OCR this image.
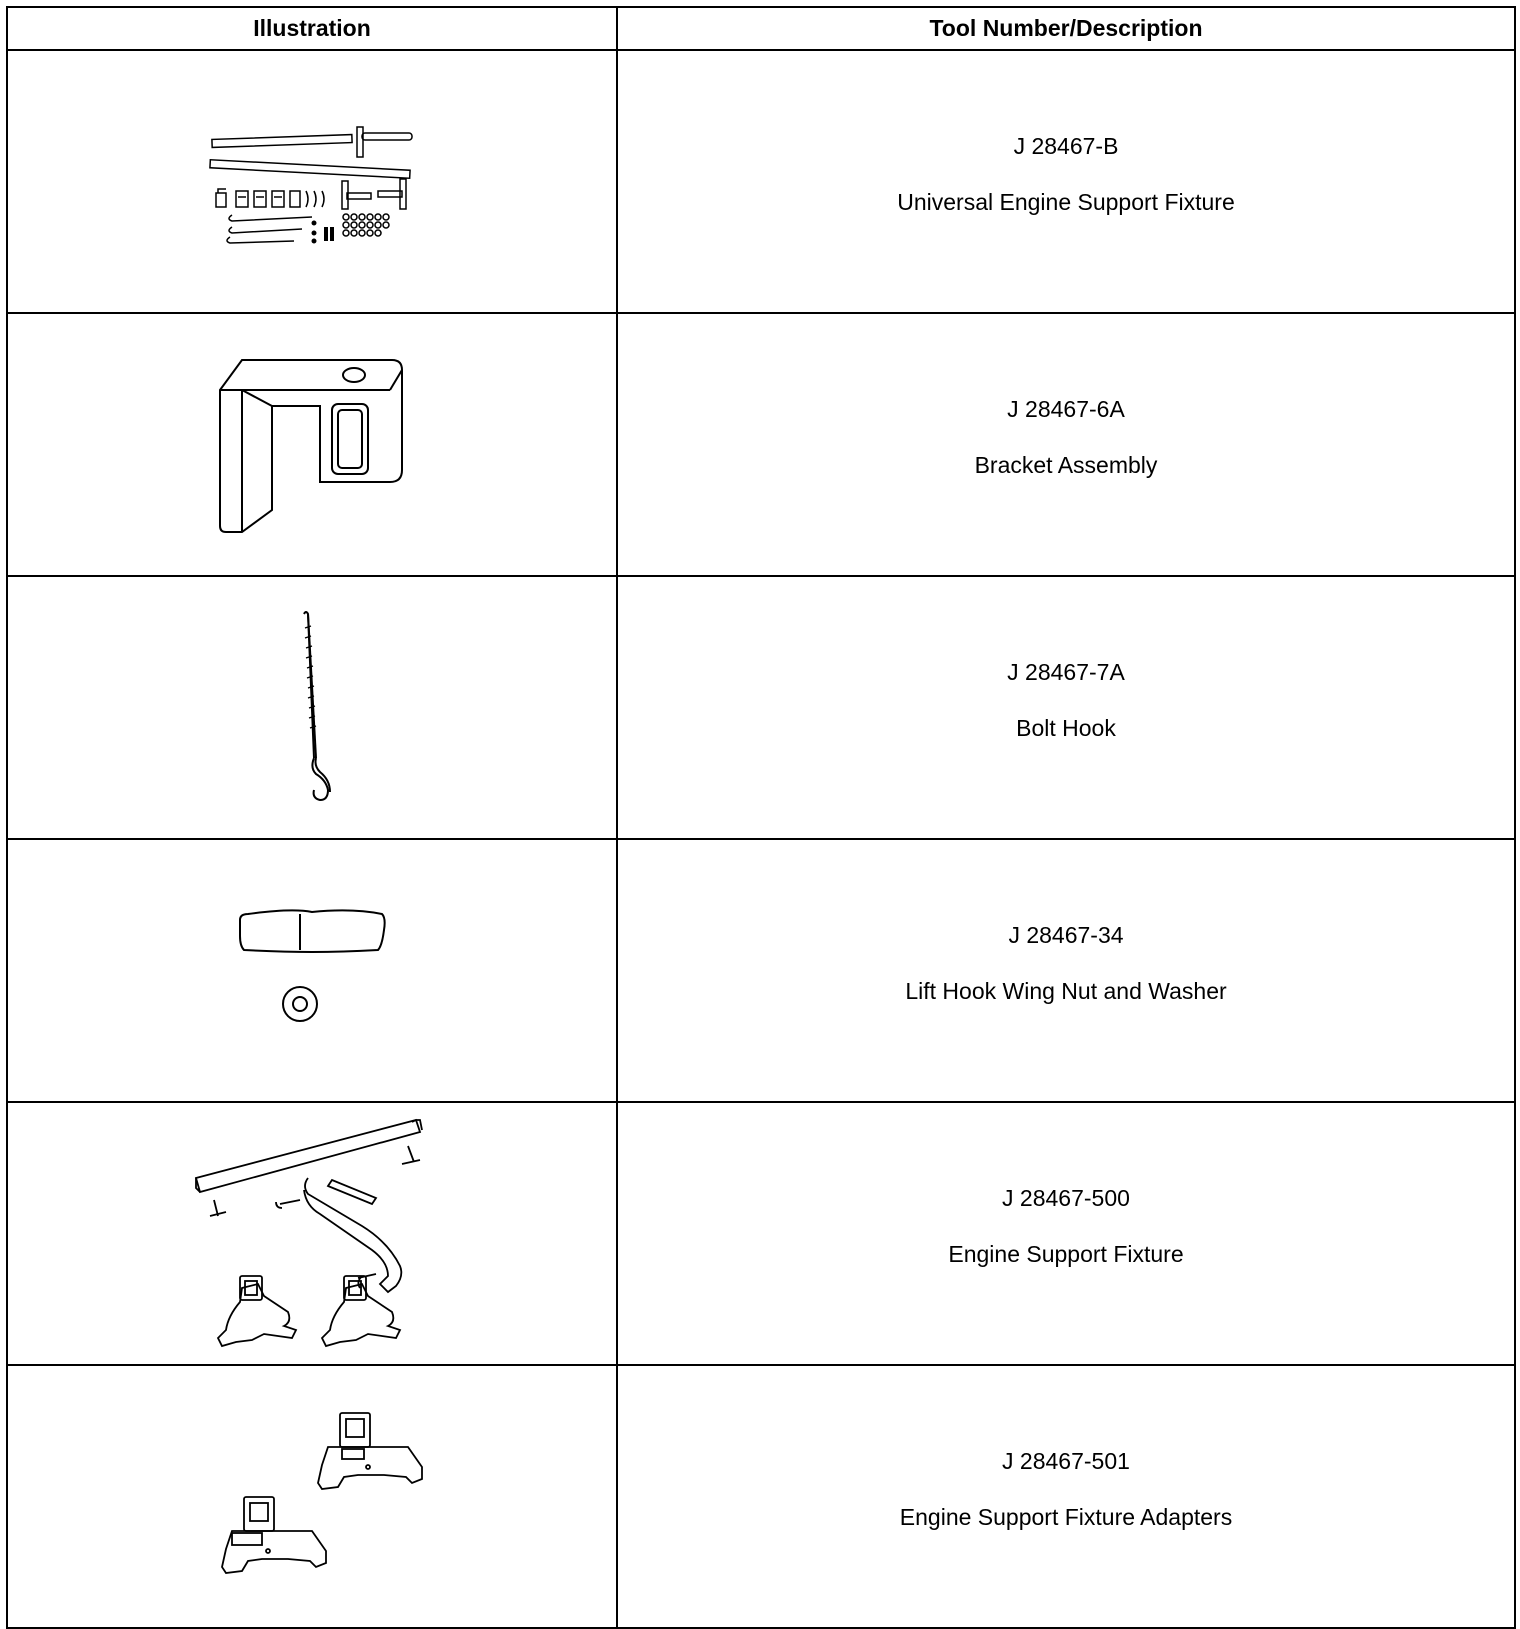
Illustration	Tool Number/Description

J 28467-B
Universal Engine Support Fixture

J 28467-6A
Bracket Assembly

J 28467-7A
Bolt Hook

J 28467-34
Lift Hook Wing Nut and Washer

J 28467-500
Engine Support Fixture

J 28467-501
Engine Support Fixture Adapters
